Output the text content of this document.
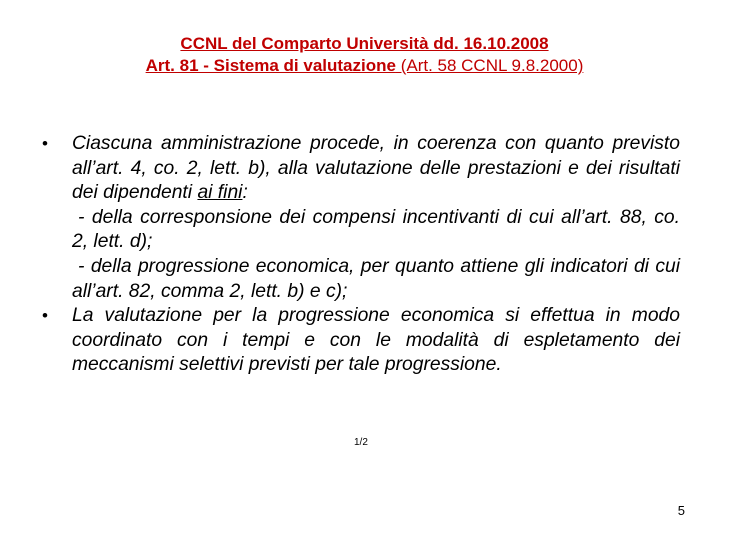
CCNL del Comparto Università dd. 16.10.2008
Art. 81 - Sistema di valutazione (Art. 58 CCNL 9.8.2000)
•	Ciascuna amministrazione procede, in coerenza con quanto previsto all’art. 4, co. 2, lett. b), alla valutazione delle prestazioni e dei risultati dei dipendenti ai fini:
- della corresponsione dei compensi incentivanti di cui all’art. 88, co. 2, lett. d);
- della progressione economica, per quanto attiene gli indicatori di cui all’art. 82, comma 2, lett. b) e c);
•	La valutazione per la progressione economica si effettua in modo coordinato con i tempi e con le modalità di espletamento dei meccanismi selettivi previsti per tale progressione.
1/2
5
